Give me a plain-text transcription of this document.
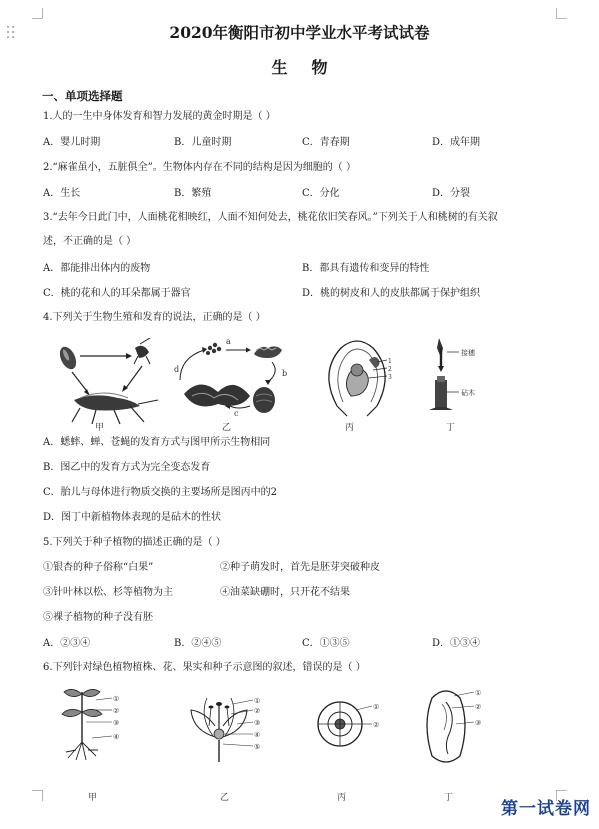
2020年衡阳市初中学业水平考试试卷
生物
一、单项选择题
1.人的一生中身体发育和智力发展的黄金时期是（ ）
A．婴儿时期	B．儿童时期	C．青春期	D．成年期
2.“麻雀虽小，五脏俱全”。生物体内存在不同的结构是因为细胞的（ ）
A．生长	B．繁殖	C．分化	D．分裂
3.“去年今日此门中，人面桃花相映红，人面不知何处去，桃花依旧笑春风。”下列关于人和桃树的有关叙
述，不正确的是（ ）
A．都能排出体内的废物	B．都具有遗传和变异的特性
C．桃的花和人的耳朵都属于器官	D．桃的树皮和人的皮肤都属于保护组织
4.下列关于生物生殖和发育的说法，正确的是（ ）
甲
a
b
c
d
乙
1
2
3
丙
接穗
砧木
丁
A．蟋蟀、蝉、苍蝇的发育方式与图甲所示生物相同
B．图乙中的发育方式为完全变态发育
C．胎儿与母体进行物质交换的主要场所是图丙中的2
D．图丁中新植物体表现的是砧木的性状
5.下列关于种子植物的描述正确的是（ ）
①银杏的种子俗称“白果”	②种子萌发时，首先是胚芽突破种皮
③针叶林以松、杉等植物为主	④油菜缺硼时，只开花不结果
⑤裸子植物的种子没有胚
A．②③④	B．②④⑤	C．①③⑤	D．①③④
6.下列针对绿色植物植株、花、果实和种子示意图的叙述，错误的是（ ）
①
②
③
④
甲
①
②
③
④
⑤
乙
①
②
丙
①
②
③
丁
第一试卷网
